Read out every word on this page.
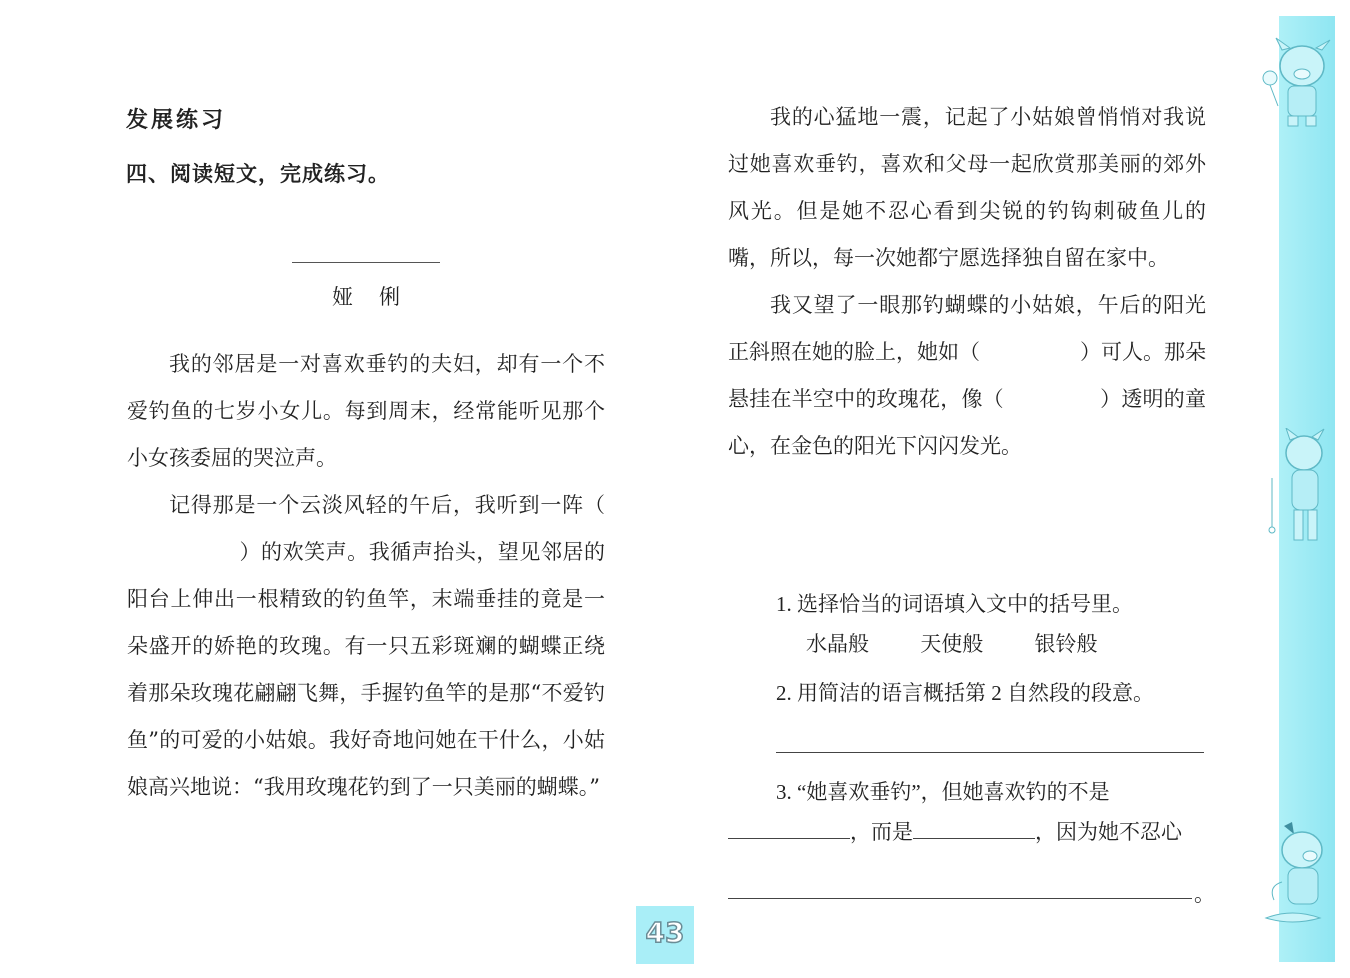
发展练习
四、阅读短文，完成练习。
娅俐

我的邻居是一对喜欢垂钓的夫妇，却有一个不爱钓鱼的七岁小女儿。每到周末，经常能听见那个小女孩委屈的哭泣声。

记得那是一个云淡风轻的午后，我听到一阵（）的欢笑声。我循声抬头，望见邻居的阳台上伸出一根精致的钓鱼竿，末端垂挂的竟是一朵盛开的娇艳的玫瑰。有一只五彩斑斓的蝴蝶正绕着那朵玫瑰花翩翩飞舞，手握钓鱼竿的是那“不爱钓鱼”的可爱的小姑娘。我好奇地问她在干什么，小姑娘高兴地说：“我用玫瑰花钓到了一只美丽的蝴蝶。”

我的心猛地一震，记起了小姑娘曾悄悄对我说过她喜欢垂钓，喜欢和父母一起欣赏那美丽的郊外风光。但是她不忍心看到尖锐的钓钩刺破鱼儿的嘴，所以，每一次她都宁愿选择独自留在家中。

我又望了一眼那钓蝴蝶的小姑娘，午后的阳光正斜照在她的脸上，她如（	）可人。那朵悬挂在半空中的玫瑰花，像（	）透明的童心，在金色的阳光下闪闪发光。

1. 选择恰当的词语填入文中的括号里。
水晶般 天使般 银铃般
2. 用简洁的语言概括第 2 自然段的段意。
3. “她喜欢垂钓”，但她喜欢钓的不是
，而是	，因为她不忍心
。
43
